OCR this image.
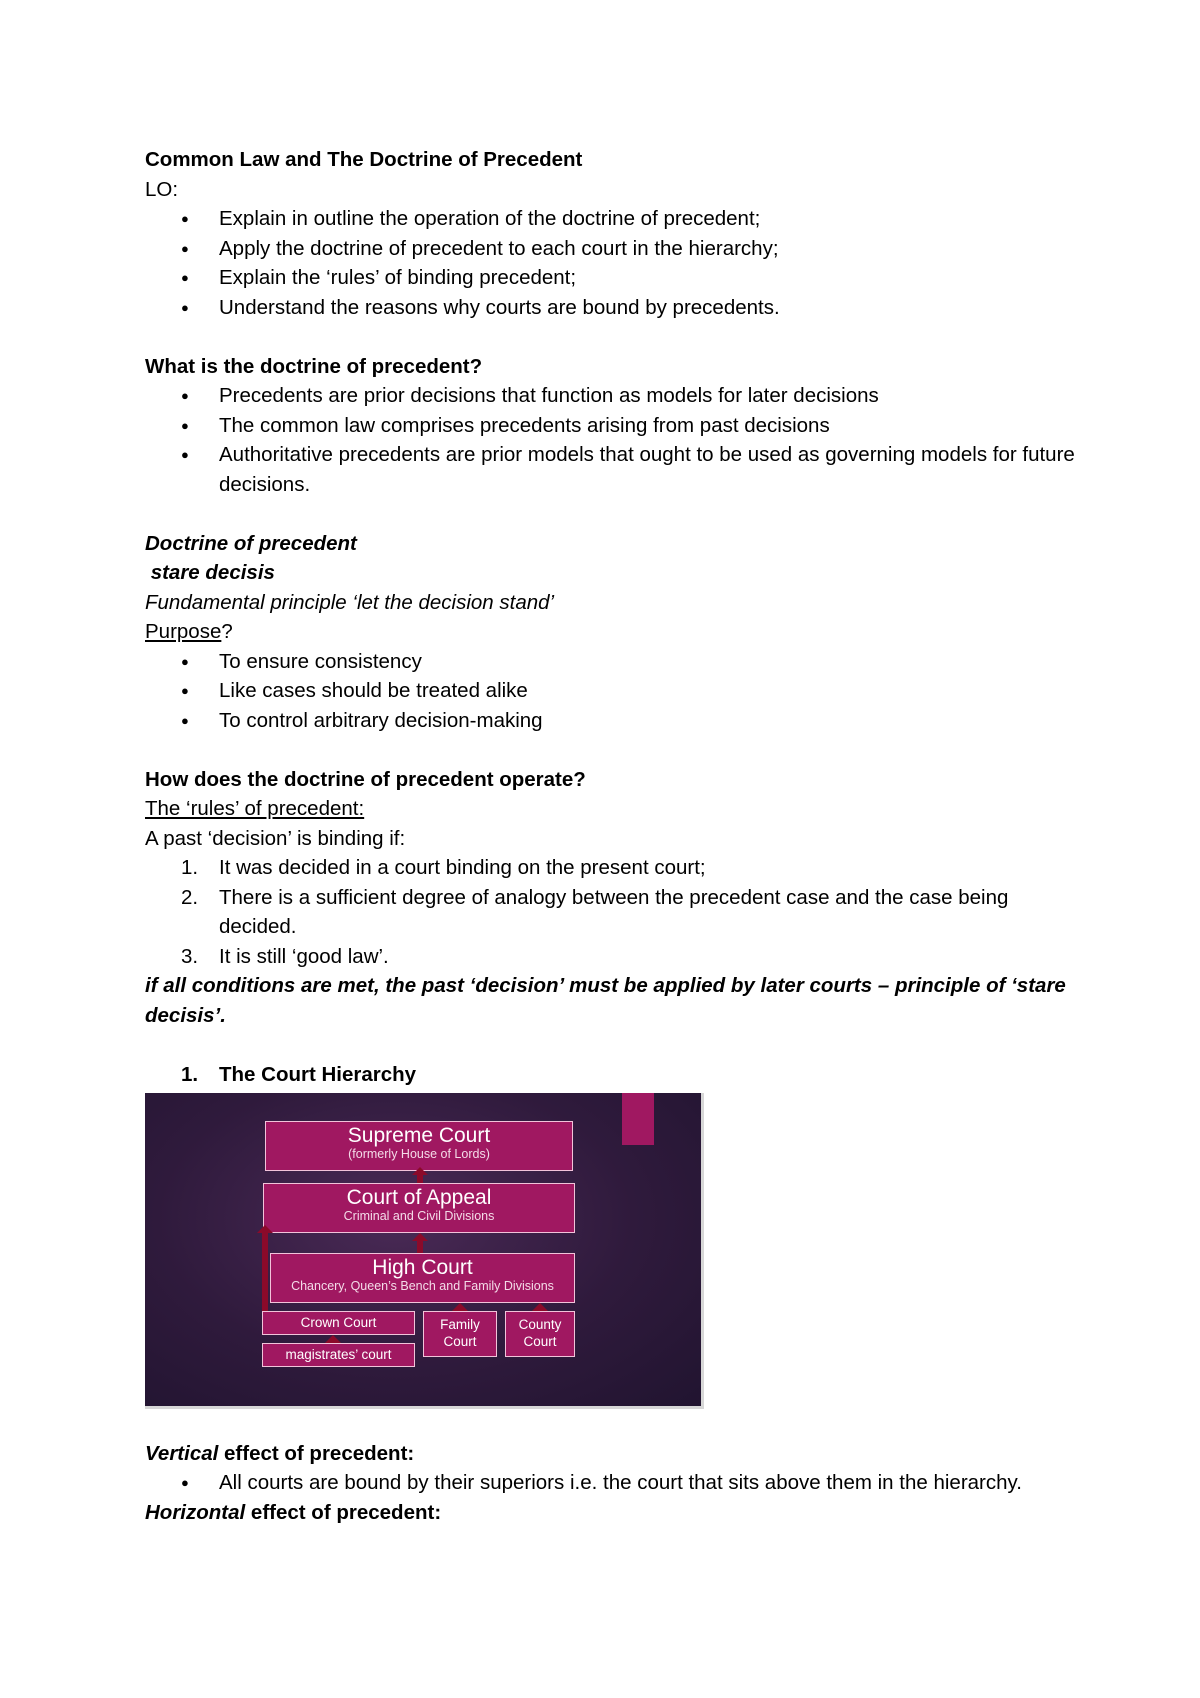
Common Law and The Doctrine of Precedent

LO:

● Explain in outline the operation of the doctrine of precedent;
● Apply the doctrine of precedent to each court in the hierarchy;
● Explain the ‘rules’ of binding precedent;
● Understand the reasons why courts are bound by precedents.

What is the doctrine of precedent?

● Precedents are prior decisions that function as models for later decisions
● The common law comprises precedents arising from past decisions
● Authoritative precedents are prior models that ought to be used as governing models for future decisions.

Doctrine of precedent

stare decisis

Fundamental principle ‘let the decision stand’

Purpose?

● To ensure consistency
● Like cases should be treated alike
● To control arbitrary decision-making

How does the doctrine of precedent operate?

The ‘rules’ of precedent:

A past ‘decision’ is binding if:

1. It was decided in a court binding on the present court;
2. There is a sufficient degree of analogy between the precedent case and the case being decided.
3. It is still ‘good law’.

if all conditions are met, the past ‘decision’ must be applied by later courts – principle of ‘stare decisis’.

1. The Court Hierarchy
Supreme Court
(formerly House of Lords)
Court of Appeal
Criminal and Civil Divisions
High Court
Chancery, Queen’s Bench and Family Divisions
Crown Court	Family
Court
County
Court
magistrates’ court

Vertical effect of precedent:

● All courts are bound by their superiors i.e. the court that sits above them in the hierarchy.

Horizontal effect of precedent:
